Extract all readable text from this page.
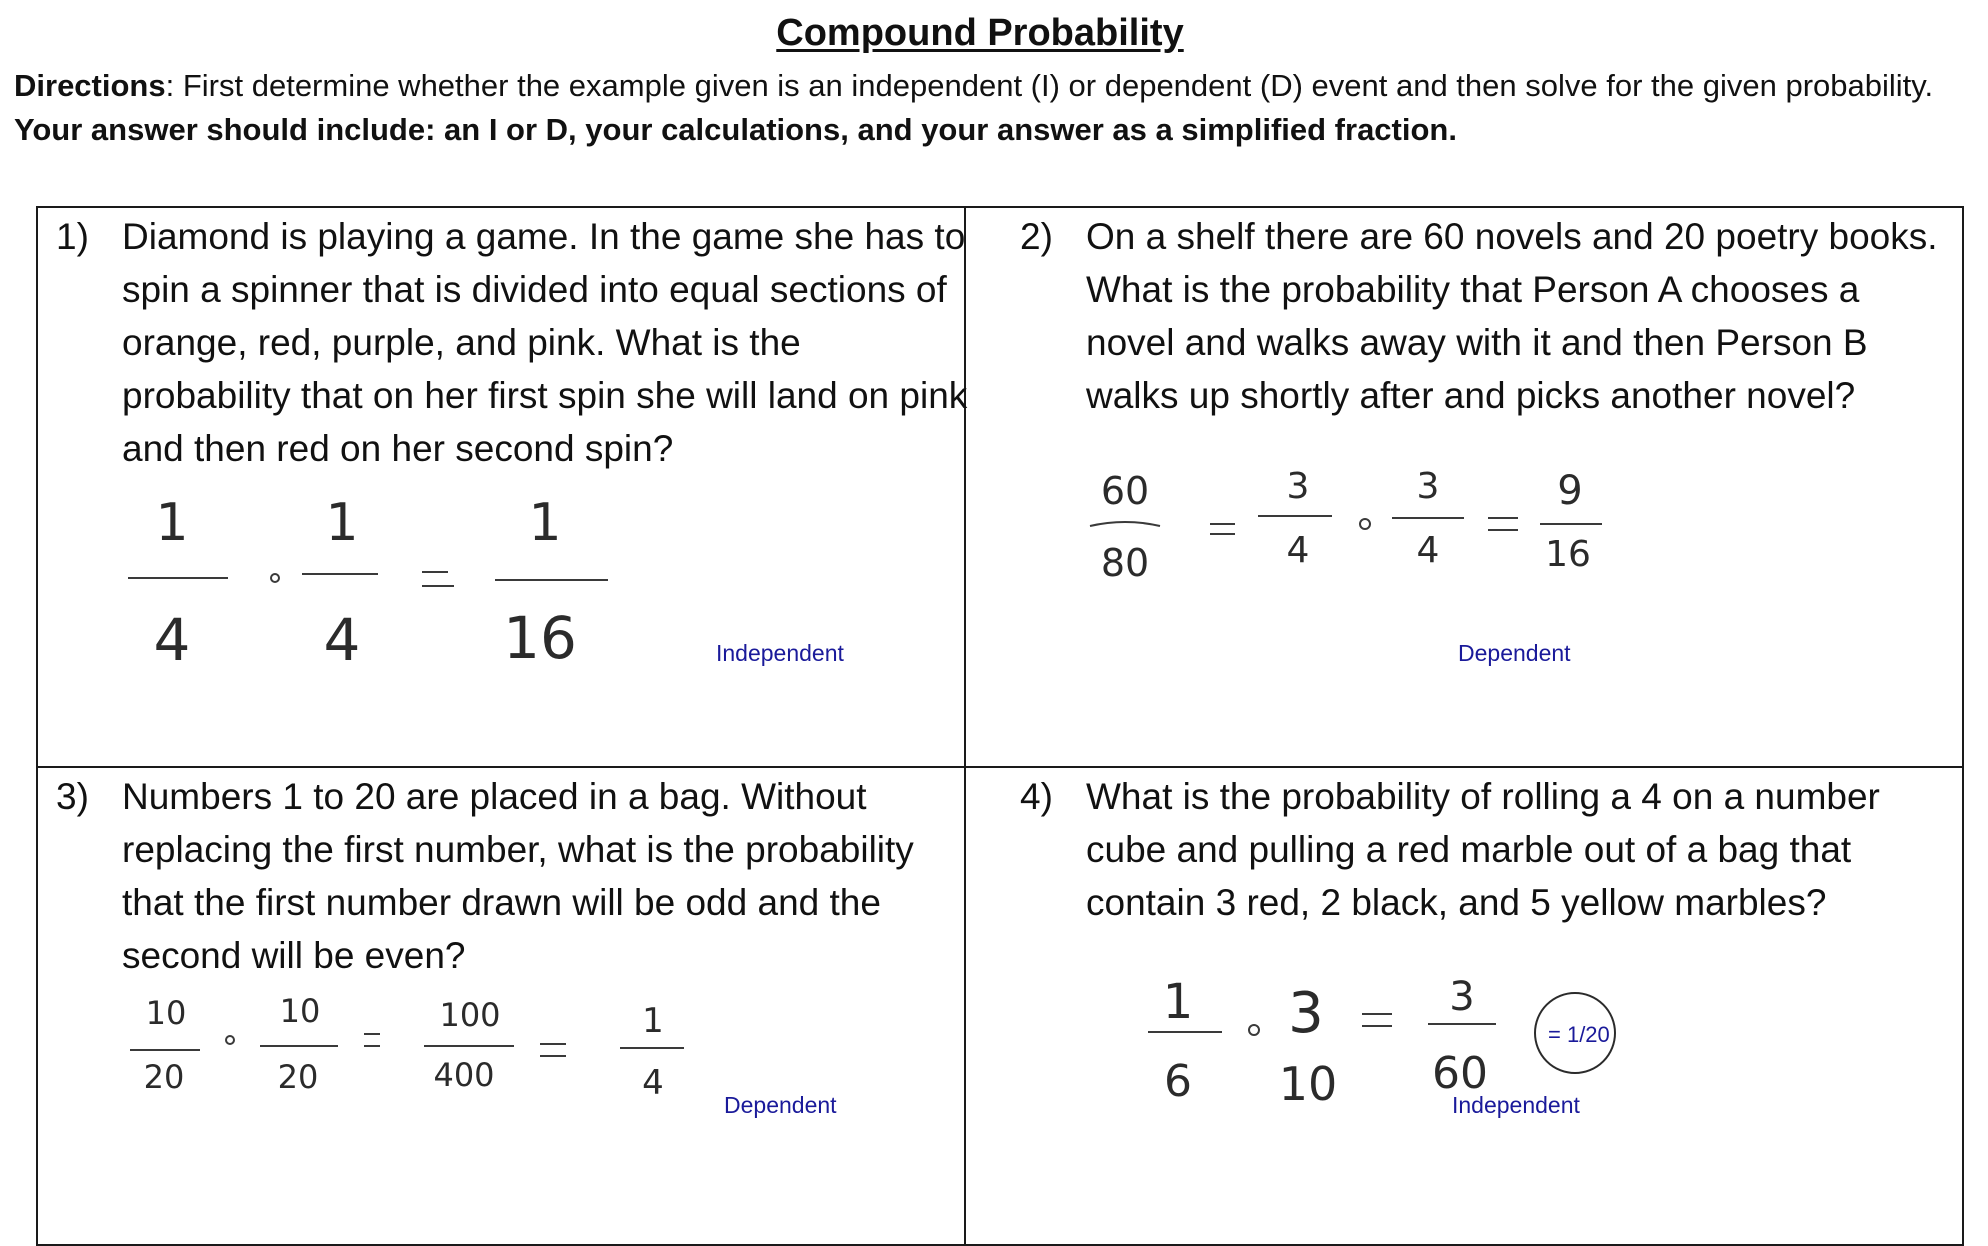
Compound Probability
Directions: First determine whether the example given is an independent (I) or dependent (D) event and then solve for the given probability. Your answer should include: an I or D, your calculations, and your answer as a simplified fraction.
1) Diamond is playing a game. In the game she has to spin a spinner that is divided into equal sections of orange, red, purple, and pink. What is the probability that on her first spin she will land on pink and then red on her second spin?
1
4
1
4
1
16	Independent
2) On a shelf there are 60 novels and 20 poetry books. What is the probability that Person A chooses a novel and walks away with it and then Person B walks up shortly after and picks another novel?
60
80
3
4
3
4
9
16
Dependent
3) Numbers 1 to 20 are placed in a bag. Without replacing the first number, what is the probability that the first number drawn will be odd and the second will be even?
10
20
10
20
100
400
1
4
Dependent
4) What is the probability of rolling a 4 on a number cube and pulling a red marble out of a bag that contain 3 red, 2 black, and 5 yellow marbles?
1
6
3
10
3
60
= 1/20
Independent
